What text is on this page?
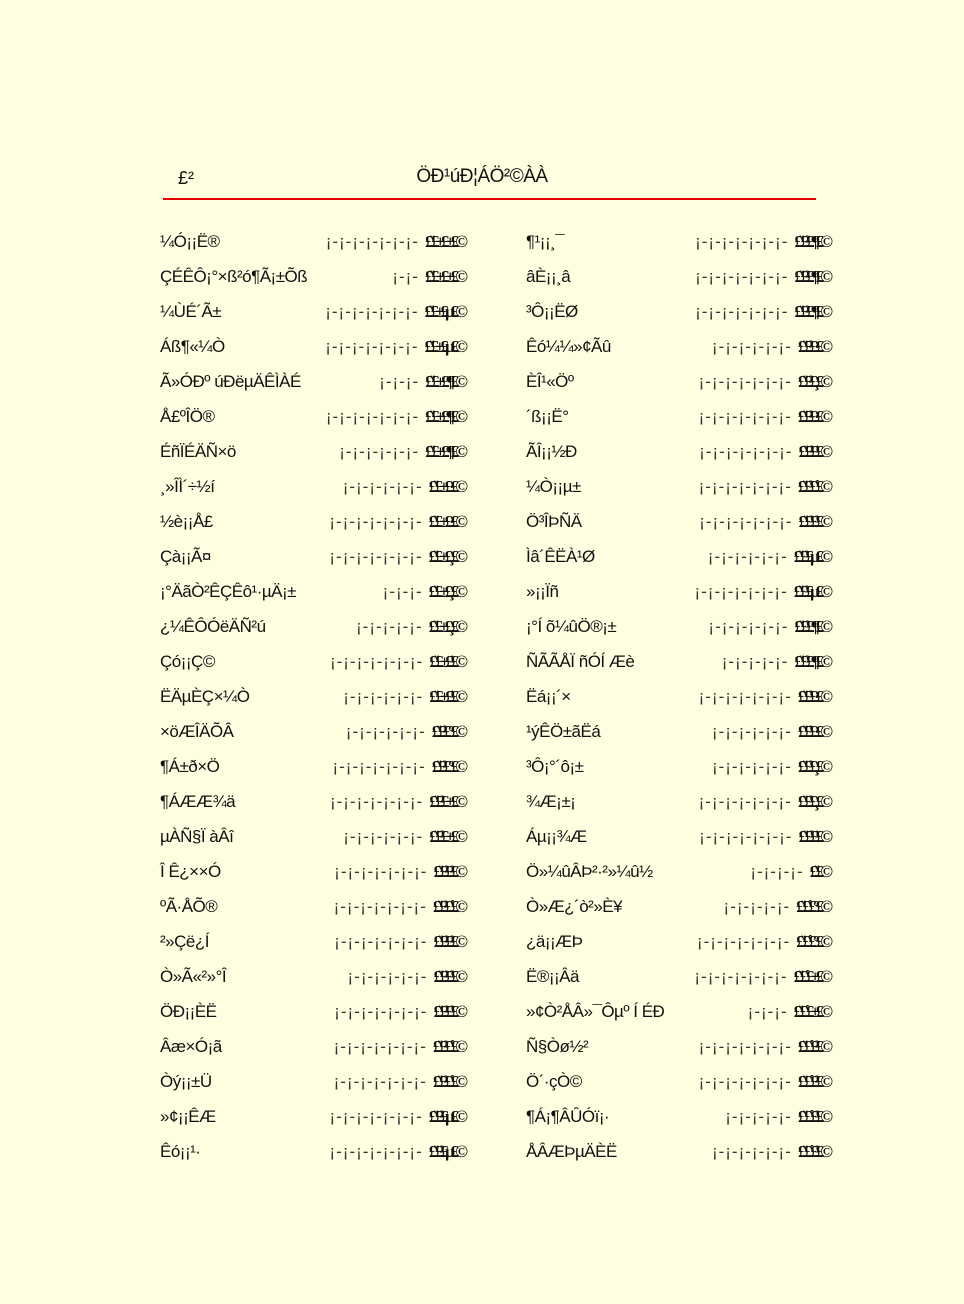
£²	ÖÐ¹úÐ¦ÁÖ²©ÀÀ
¼Ó¡¡Ë®	¡-¡-¡-¡-¡-¡-¡- £¨£±£±£©
ÇÉÊÔ¡°×ß²ó¶Ã¡±Õß	¡-¡- £¨£±£±£©
¼ÙÉ´Ã±	¡-¡-¡-¡-¡-¡-¡- £¨£±£µ£©
Áß¶«¼Ò	¡-¡-¡-¡-¡-¡-¡- £¨£±£µ£©
Ã»ÓÐº úÐëµÄÊÌÀÉ	¡-¡-¡- £¨£±£¶£©
Å£ºÎÖ®	¡-¡-¡-¡-¡-¡-¡- £¨£±£¶£©
ÉñÏÉÄÑ×ö	¡-¡-¡-¡-¡-¡- £¨£±£¶£©
¸»ÎÌ´÷½í	¡-¡-¡-¡-¡-¡- £¨£±£·£©
½è¡¡Å£	¡-¡-¡-¡-¡-¡-¡- £¨£±£·£©
Çà¡¡Ã¤	¡-¡-¡-¡-¡-¡-¡- £¨£±£¸£©
¡°ÄãÒ²ÊÇÊô¹·µÄ¡±	¡-¡-¡- £¨£±£¸£©
¿¼ÊÔÓëÄÑ²ú	¡-¡-¡-¡-¡- £¨£±£¸£©
Çó¡¡Ç©	¡-¡-¡-¡-¡-¡-¡- £¨£±£¹£©
ËÄµÈÇ×¼Ò	¡-¡-¡-¡-¡-¡- £¨£±£¹£©
×öÆÎÄÕÂ	¡-¡-¡-¡-¡-¡- £¨£²£°£©
¶Á±ð×Ö	¡-¡-¡-¡-¡-¡-¡- £¨£²£°£©
¶ÁÆÆ¾ä	¡-¡-¡-¡-¡-¡-¡- £¨£²£±£©
µÀÑ§Ï àÂî	¡-¡-¡-¡-¡-¡- £¨£²£±£©
Î Ê¿××Ó	¡-¡-¡-¡-¡-¡-¡- £¨£²£²£©
ºÃ·ÅÕ®	¡-¡-¡-¡-¡-¡-¡- £¨£²£´£©
²»Çë¿Í	¡-¡-¡-¡-¡-¡-¡- £¨£²£²£©
Ò»Ã«²»°Î	¡-¡-¡-¡-¡-¡- £¨£²£³£©
ÖÐ¡¡ÈË	¡-¡-¡-¡-¡-¡-¡- £¨£²£³£©
Âæ×Ó¡ã	¡-¡-¡-¡-¡-¡-¡- £¨£²£´£©
Òý¡¡±Ü	¡-¡-¡-¡-¡-¡-¡- £¨£²£´£©
»¢¡¡ÊÆ	¡-¡-¡-¡-¡-¡-¡- £¨£²£µ£©
Êó¡¡¹·	¡-¡-¡-¡-¡-¡-¡- £¨£²£µ£©
¶¹¡¡¸¯	¡-¡-¡-¡-¡-¡-¡- £¨£²£¶£©
âÈ¡¡¸â	¡-¡-¡-¡-¡-¡-¡- £¨£²£¶£©
³Ô¡¡ËØ	¡-¡-¡-¡-¡-¡-¡- £¨£²£¶£©
Êó¼¼»¢Ãû	¡-¡-¡-¡-¡-¡- £¨£²£·£©
ÈÎ¹«Öº	¡-¡-¡-¡-¡-¡-¡- £¨£²£¸£©
´ß¡¡Ë°	¡-¡-¡-¡-¡-¡-¡- £¨£²£·£©
ÃÎ¡¡½Ð	¡-¡-¡-¡-¡-¡-¡- £¨£²£¹£©
¼Ò¡¡µ±	¡-¡-¡-¡-¡-¡-¡- £¨£³£´£©
Ö³ÎÞÑÄ	¡-¡-¡-¡-¡-¡-¡- £¨£³£³£©
Ìâ´ÊËÀ¹Ø	¡-¡-¡-¡-¡-¡- £¨£³£µ£©
»¡¡Ïñ	¡-¡-¡-¡-¡-¡-¡- £¨£³£µ£©
¡°Í õ¼ûÖ®¡±	¡-¡-¡-¡-¡-¡- £¨£³£¶£©
ÑÃÃÅÏ ñÓÍ Æè	¡-¡-¡-¡-¡- £¨£³£¶£©
Ëá¡¡´×	¡-¡-¡-¡-¡-¡-¡- £¨£³£·£©
¹ýÊÖ±ãËá	¡-¡-¡-¡-¡-¡- £¨£³£·£©
³Ô¡°´ô¡±	¡-¡-¡-¡-¡-¡- £¨£³£¸£©
¾Æ¡±¡	¡-¡-¡-¡-¡-¡-¡- £¨£³£¸£©
Áµ¡¡¾Æ	¡-¡-¡-¡-¡-¡-¡- £¨£³£¹£©
Ö»¼ûÂÞ²·²»¼û½	¡-¡-¡-¡- £¨£©
Ò»Æ¿´ò²»È¥	¡-¡-¡-¡-¡- £¨£´£°£©
¿ä¡¡ÆÞ	¡-¡-¡-¡-¡-¡-¡- £¨£´£°£©
Ë®¡¡Âä	¡-¡-¡-¡-¡-¡-¡- £¨£´£±£©
»¢Ò²ÅÂ»¯Ôµº Í ÉÐ	¡-¡-¡- £¨£´£±£©
Ñ§Òø½²	¡-¡-¡-¡-¡-¡-¡- £¨£´£²£©
Ö´·çÒ©	¡-¡-¡-¡-¡-¡-¡- £¨£´£²£©
¶Á¡¶ÂÛÓï¡·	¡-¡-¡-¡-¡- £¨£´£³£©
ÅÂÆÞµÄÈË	¡-¡-¡-¡-¡-¡- £¨£´£³£©
